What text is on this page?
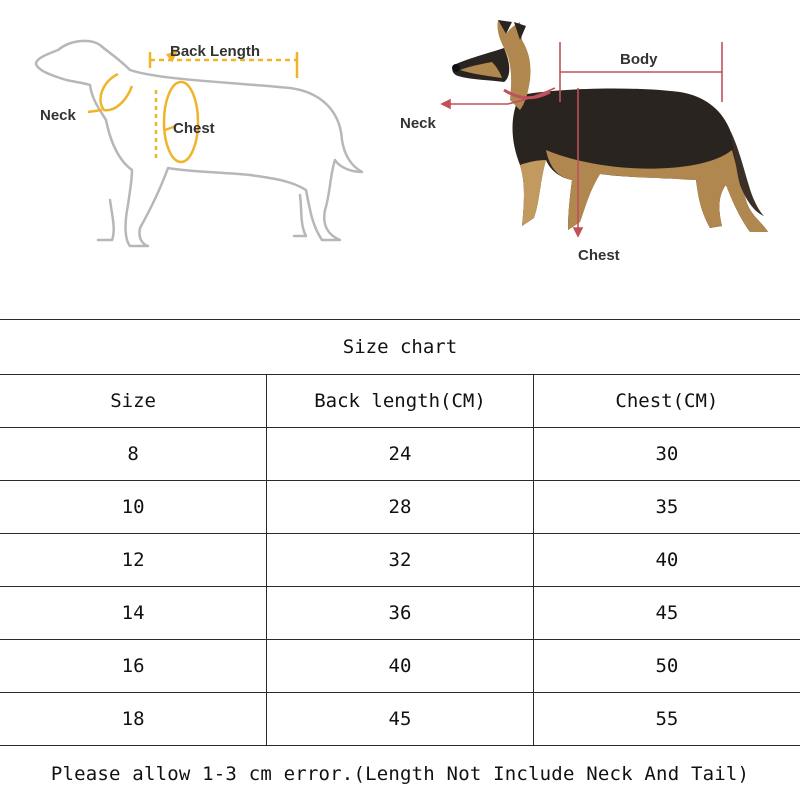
Back Length
Neck
Chest
Body
Neck
Chest
Size chart		
Size	Back length(CM)	Chest(CM)
8	24	30
10	28	35
12	32	40
14	36	45
16	40	50
18	45	55
Please allow 1-3 cm error.(Length Not Include Neck And Tail)
